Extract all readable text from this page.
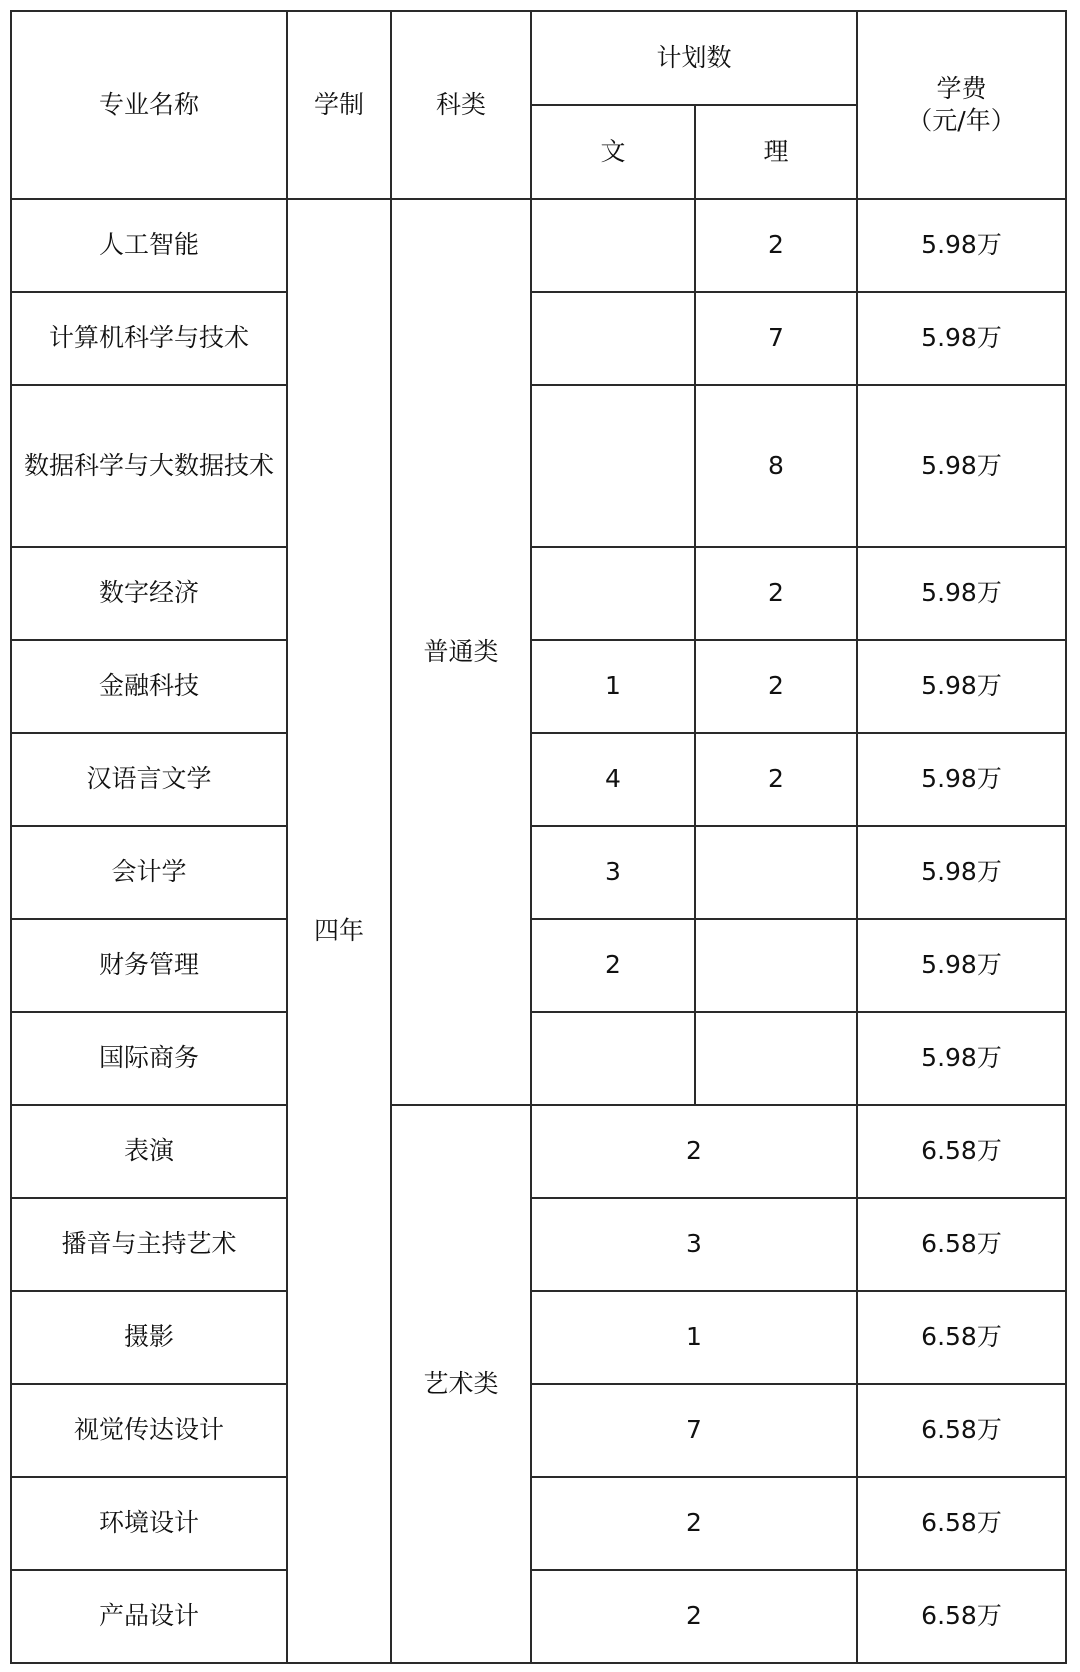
专业名称	学制	科类	计划数		学费
（元/年）

			文	理	
人工智能	四年	普通类		2	5.98万
计算机科学与技术				7	5.98万
数据科学与大数据技术				8	5.98万
数字经济				2	5.98万
金融科技			1	2	5.98万
汉语言文学			4	2	5.98万
会计学			3		5.98万
财务管理			2		5.98万
国际商务					5.98万
表演		艺术类	2		6.58万
播音与主持艺术			3		6.58万
摄影			1		6.58万
视觉传达设计			7		6.58万
环境设计			2		6.58万
产品设计			2		6.58万
